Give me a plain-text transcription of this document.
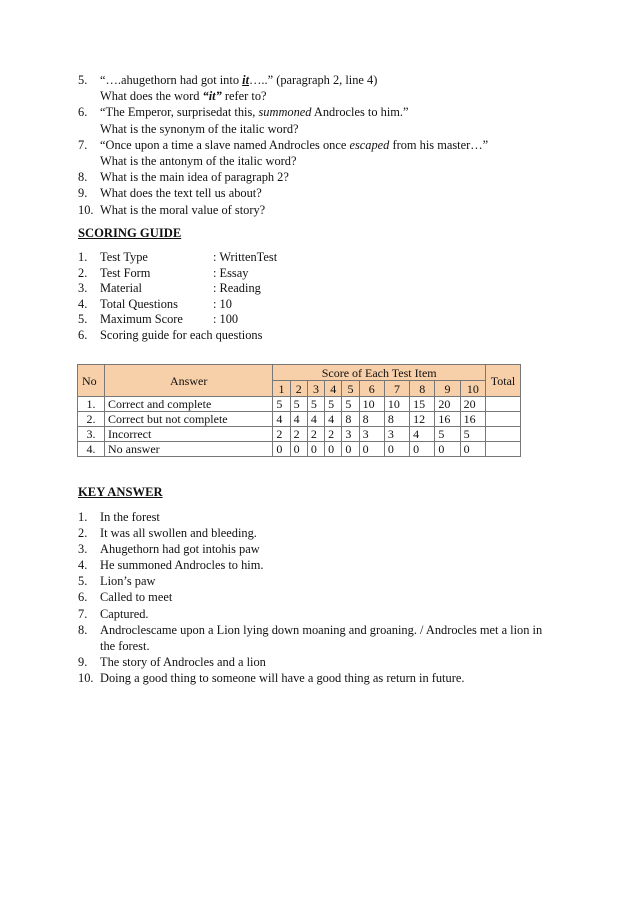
5. “….ahugethorn had got into it…..” (paragraph 2, line 4)
What does the word “it” refer to?
6. “The Emperor, surprisedat this, summoned Androcles to him.”
What is the synonym of the italic word?
7. “Once upon a time a slave named Androcles once escaped from his master…”
What is the antonym of the italic word?
8. What is the main idea of paragraph 2?
9. What does the text tell us about?
10. What is the moral value of story?
SCORING GUIDE
1. Test Type	: WrittenTest
2. Test Form	: Essay
3. Material	: Reading
4. Total Questions	: 10
5. Maximum Score : 100
6. Scoring guide for each questions
No	Answer	Score of Each Test Item										Total
		1	2	3	4	5	6	7	8	9	10	
1.	Correct and complete	5	5	5	5	5	10	10	15	20	20	
2.	Correct but not complete	4	4	4	4	8	8	8	12	16	16	
3.	Incorrect	2	2	2	2	3	3	3	4	5	5	
4.	No answer	0	0	0	0	0	0	0	0	0	0	
KEY ANSWER
1. In the forest
2. It was all swollen and bleeding.
3. Ahugethorn had got intohis paw
4. He summoned Androcles to him.
5. Lion’s paw
6. Called to meet
7. Captured.
8. Androclescame upon a Lion lying down moaning and groaning. / Androcles met a lion in
the forest.
9. The story of Androcles and a lion
10. Doing a good thing to someone will have a good thing as return in future.
